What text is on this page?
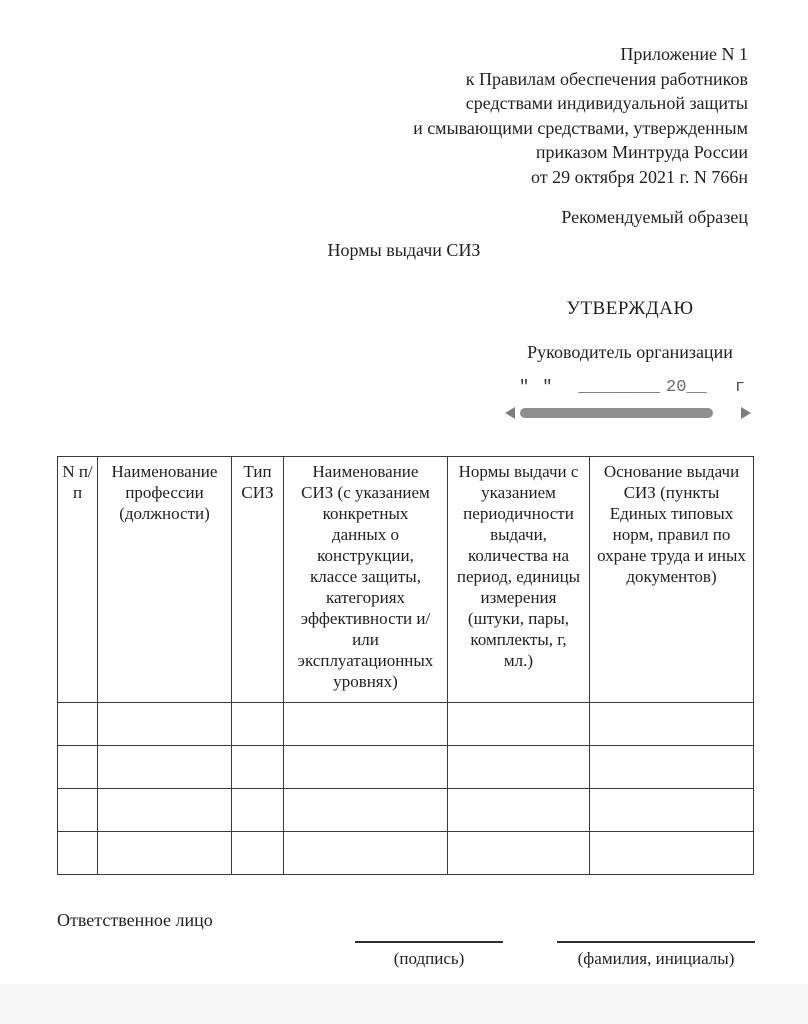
Приложение N 1
к Правилам обеспечения работников
средствами индивидуальной защиты
и смывающими средствами, утвержденным
приказом Минтруда России
от 29 октября 2021 г. N 766н
Рекомендуемый образец
Нормы выдачи СИЗ
УТВЕРЖДАЮ
Руководитель организации
" " ________ 20__ г
N п/п	Наименование профессии (должности)	Тип СИЗ	Наименование СИЗ (с указанием конкретных данных о конструкции, классе защиты, категориях эффективности и/или эксплуатационных уровнях)	Нормы выдачи с указанием периодичности выдачи, количества на период, единицы измерения (штуки, пары, комплекты, г, мл.)	Основание выдачи СИЗ (пункты Единых типовых норм, правил по охране труда и иных документов)

Ответственное лицо
(подпись)	(фамилия, инициалы)
